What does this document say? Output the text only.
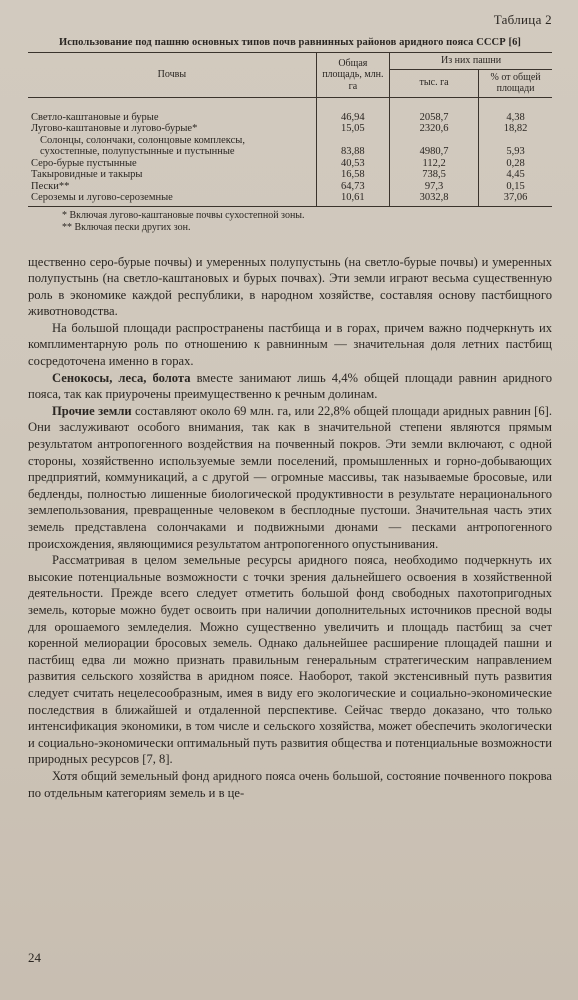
Таблица 2
Использование под пашню основных типов почв равнинных районов аридного пояса СССР [6]
Почвы	Общая площадь, млн. га	Из них пашни	
		тыс. га	% от общей площади
Светло-каштановые и бурые	46,94	2058,7	4,38
Лугово-каштановые и лугово-бурые*	15,05	2320,6	18,82
Солонцы, солончаки, солонцовые комплексы,			
сухостепные, полупустынные и пустынные	83,88	4980,7	5,93
Серо-бурые пустынные	40,53	112,2	0,28
Такыровидные и такыры	16,58	738,5	4,45
Пески**	64,73	97,3	0,15
Сероземы и лугово-сероземные	10,61	3032,8	37,06
* Включая лугово-каштановые почвы сухостепной зоны.
** Включая пески других зон.

щественно серо-бурые почвы) и умеренных полупустынь (на светло-бурые почвы) и умеренных полупустынь (на светло-каштановых и бурых почвах). Эти земли играют весьма существенную роль в экономике каждой республики, в народном хозяйстве, составляя основу пастбищного животноводства.

На большой площади распространены пастбища и в горах, причем важно подчеркнуть их комплиментарную роль по отношению к равнинным — значительная доля летних пастбищ сосредоточена именно в горах.

Сенокосы, леса, болота вместе занимают лишь 4,4% общей площади равнин аридного пояса, так как приурочены преимущественно к речным долинам.

Прочие земли составляют около 69 млн. га, или 22,8% общей площади аридных равнин [6]. Они заслуживают особого внимания, так как в значительной степени являются прямым результатом антропогенного воздействия на почвенный покров. Эти земли включают, с одной стороны, хозяйственно используемые земли поселений, промышленных и горно-добывающих предприятий, коммуникаций, а с другой — огромные массивы, так называемые бросовые, или бедленды, полностью лишенные биологической продуктивности в результате нерационального землепользования, превращенные человеком в бесплодные пустоши. Значительная часть этих земель представлена солончаками и подвижными дюнами — песками антропогенного происхождения, являющимися результатом антропогенного опустынивания.

Рассматривая в целом земельные ресурсы аридного пояса, необходимо подчеркнуть их высокие потенциальные возможности с точки зрения дальнейшего освоения в хозяйственной деятельности. Прежде всего следует отметить большой фонд свободных пахотопригодных земель, которые можно будет освоить при наличии дополнительных источников пресной воды для орошаемого земледелия. Можно существенно увеличить и площадь пастбищ за счет коренной мелиорации бросовых земель. Однако дальнейшее расширение площадей пашни и пастбищ едва ли можно признать правильным генеральным стратегическим направлением развития сельского хозяйства в аридном поясе. Наоборот, такой экстенсивный путь развития следует считать нецелесообразным, имея в виду его экологические и социально-экономические последствия в ближайшей и отдаленной перспективе. Сейчас твердо доказано, что только интенсификация экономики, в том числе и сельского хозяйства, может обеспечить экологически и социально-экономически оптимальный путь развития общества и потенциальные возможности природных ресурсов [7, 8].

Хотя общий земельный фонд аридного пояса очень большой, состояние почвенного покрова по отдельным категориям земель и в це-

24
